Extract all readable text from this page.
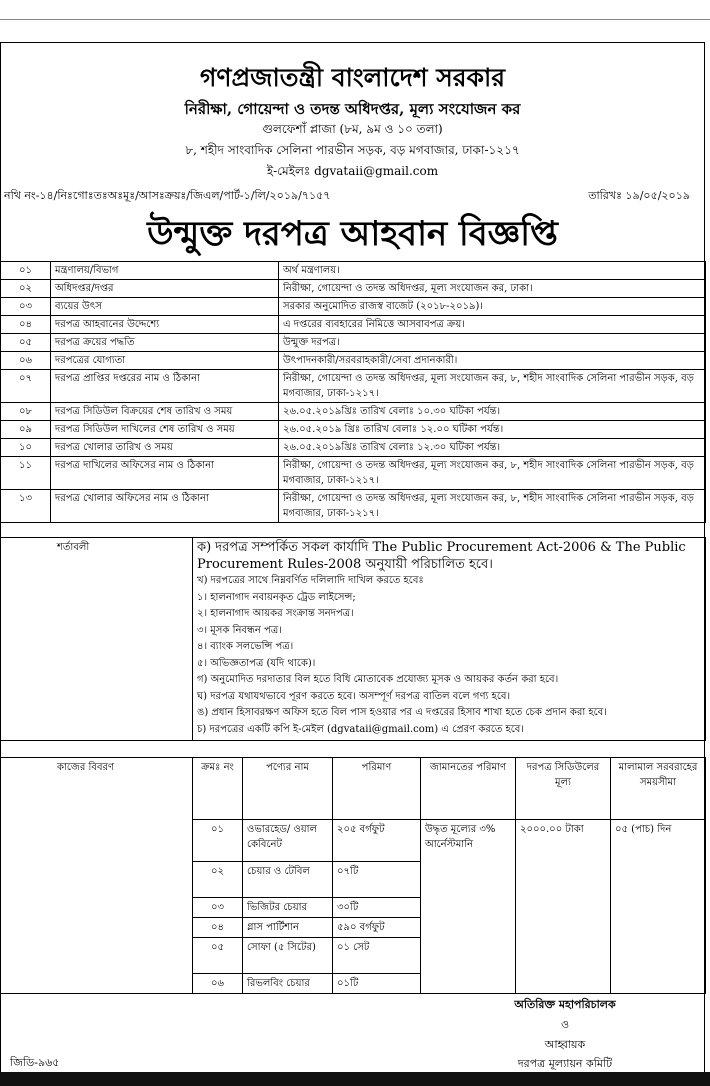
গণপ্রজাতন্ত্রী বাংলাদেশ সরকার
নিরীক্ষা, গোয়েন্দা ও তদন্ত অধিদপ্তর, মূল্য সংযোজন কর
গুলফেশাঁ প্লাজা (৮ম, ৯ম ও ১০ তলা)
৮, শহীদ সাংবাদিক সেলিনা পারভীন সড়ক, বড় মগবাজার, ঢাকা-১২১৭
ই-মেইলঃ dgvataii@gmail.com
নথি নং-১৪/নিঃগোঃতঃঅঃমূঃ/আসঃক্রয়ঃ/জিএল/পার্ট-১/লি/২০১৯/৭১৫৭	তারিখঃ ১৯/০৫/২০১৯
উন্মুক্ত দরপত্র আহবান বিজ্ঞপ্তি
০১	মন্ত্রণালয়/বিভাগ	অর্থ মন্ত্রণালয়।
০২	অধিদপ্তর/দপ্তর	নিরীক্ষা, গোয়েন্দা ও তদন্ত অধিদপ্তর, মূল্য সংযোজন কর, ঢাকা।
০৩	ব্যয়ের উৎস	সরকার অনুমোদিত রাজস্ব বাজেট (২০১৮-২০১৯)।
০৪	দরপত্র আহবানের উদ্দেশ্যে	এ দপ্তরের ব্যবহারের নিমিত্তে আসবাবপত্র ক্রয়।
০৫	দরপত্র ক্রয়ের পদ্ধতি	উন্মুক্ত দরপত্র।
০৬	দরপত্রের যোগ্যতা	উৎপাদনকারী/সরবরাহকারী/সেবা প্রদানকারী।
০৭	দরপত্র প্রাপ্তির দপ্তরের নাম ও ঠিকানা	নিরীক্ষা, গোয়েন্দা ও তদন্ত অধিদপ্তর, মূল্য সংযোজন কর, ৮, শহীদ সাংবাদিক সেলিনা পারভীন সড়ক, বড় মগবাজার, ঢাকা-১২১৭।
০৮	দরপত্র সিডিউল বিক্রয়ের শেষ তারিখ ও সময়	২৬.০৫.২০১৯খ্রিঃ তারিখ বেলাঃ ১০.৩০ ঘটিকা পর্যন্ত।
০৯	দরপত্র সিডিউল দাখিলের শেষ তারিখ ও সময়	২৬.০৫.২০১৯ খ্রিঃ তারিখ বেলাঃ ১২.০০ ঘটিকা পর্যন্ত।
১০	দরপত্র খোলার তারিখ ও সময়	২৬.০৫.২০১৯খ্রিঃ তারিখ বেলাঃ ১২.৩০ ঘটিকা পর্যন্ত।
১১	দরপত্র দাখিলের অফিসের নাম ও ঠিকানা	নিরীক্ষা, গোয়েন্দা ও তদন্ত অধিদপ্তর, মূল্য সংযোজন কর, ৮, শহীদ সাংবাদিক সেলিনা পারভীন সড়ক, বড় মগবাজার, ঢাকা-১২১৭।
১৩	দরপত্র খোলার অফিসের নাম ও ঠিকানা	নিরীক্ষা, গোয়েন্দা ও তদন্ত অধিদপ্তর, মূল্য সংযোজন কর, ৮, শহীদ সাংবাদিক সেলিনা পারভীন সড়ক, বড় মগবাজার, ঢাকা-১২১৭।
শর্তাবলী	ক) দরপত্র সম্পর্কিত সকল কার্যাদি The Public Procurement Act-2006 & The Public
Procurement Rules-2008 অনুযায়ী পরিচালিত হবে।
খ) দরপত্রের সাথে নিম্নবর্ণিত দলিলাদি দাখিল করতে হবেঃ
১। হালনাগাদ নবায়নকৃত ট্রেড লাইসেন্স;
২। হালনাগাদ আয়কর সংক্রান্ত সনদপত্র।
৩। মূসক নিবন্ধন পত্র।
৪। ব্যাংক সলভেন্সি পত্র।
৫। অভিজ্ঞতাপত্র (যদি থাকে)।
গ) অনুমোদিত দরদাতার বিল হতে বিধি মোতাবেক প্রযোজ্য মূসক ও আয়কর কর্তন করা হবে।
ঘ) দরপত্র যথাযথভাবে পূরণ করতে হবে। অসম্পূর্ণ দরপত্র বাতিল বলে গণ্য হবে।
ঙ) প্রধান হিসাবরক্ষণ অফিস হতে বিল পাস হওয়ার পর এ দপ্তরের হিসাব শাখা হতে চেক প্রদান করা হবে।
চ) দরপত্রের একটি কপি ই-মেইল (dgvataii@gmail.com) এ প্রেরণ করতে হবে।
কাজের বিবরণ	ক্রমঃ নং	পণ্যের নাম	পরিমাণ	জামানতের পরিমাণ	দরপত্র সিডিউলের মূল্য	মালামাল সরবরাহের সময়সীমা
	০১	ওভারহেড/ ওয়াল কেবিনেট	২০৫ বর্গফুট	উদ্ধৃত মূল্যের ৩% আর্নেস্টমানি	২০০০.০০ টাকা	০৫ (পাচ) দিন
	০২	চেয়ার ও টেবিল	০৭টি			
	০৩	ভিজিটর চেয়ার	৩০টি			
	০৪	গ্লাস পার্টিশান	৫৯০ বর্গফুট			
	০৫	সোফা (৫ সিটের)	০১ সেট			
	০৬	রিভলবিং চেয়ার	০১টি			
অতিরিক্ত মহাপরিচালক
ও
আহ্বায়ক
দরপত্র মূল্যায়ন কমিটি
জিডি-৯৬৫
